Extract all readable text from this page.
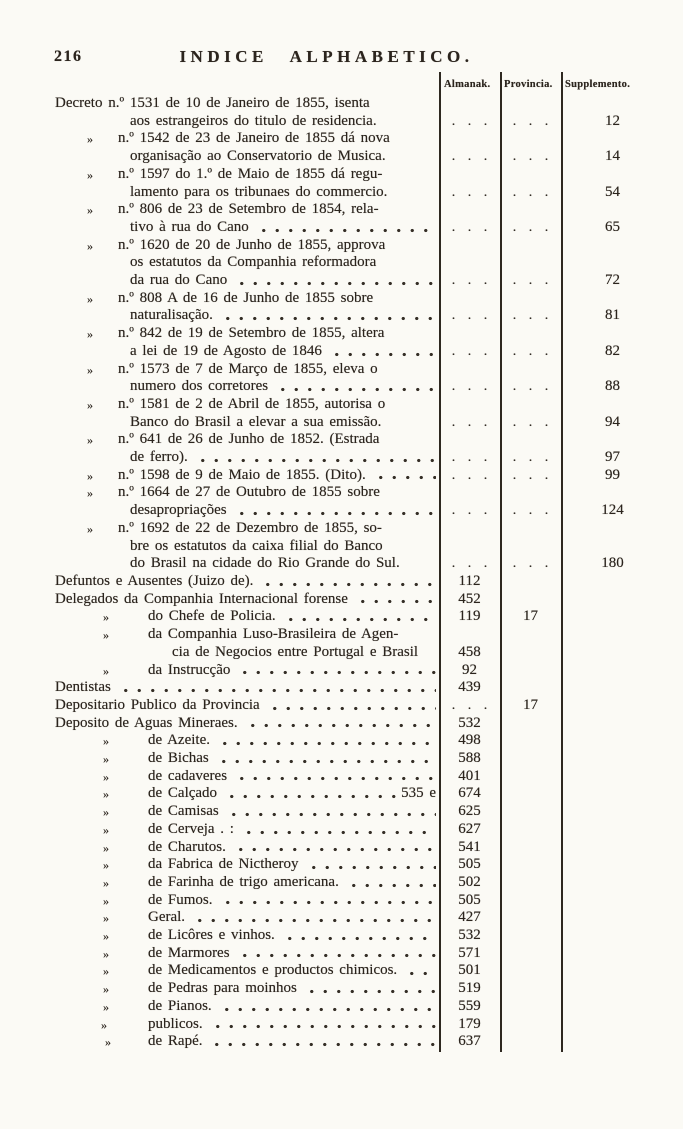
216	INDICE ALPHABETICO.
Almanak. Provincia. Supplemento.
Decreto n.º 1531 de 10 de Janeiro de 1855, isenta
aos estrangeiros do titulo de residencia.	. . .	. . .	12
» n.º 1542 de 23 de Janeiro de 1855 dá nova
organisação ao Conservatorio de Musica.	. . .	. . .	14
» n.º 1597 do 1.º de Maio de 1855 dá regu-
lamento para os tribunaes do commercio.	. . .	. . .	54
» n.º 806 de 23 de Setembro de 1854, rela-
tivo à rua do Cano	. . .	. . .	65
» n.º 1620 de 20 de Junho de 1855, approva
os estatutos da Companhia reformadora
da rua do Cano	. . .	. . .	72
» n.º 808 A de 16 de Junho de 1855 sobre
naturalisação.	. . .	. . .	81
» n.º 842 de 19 de Setembro de 1855, altera
a lei de 19 de Agosto de 1846	. . .	. . .	82
» n.º 1573 de 7 de Março de 1855, eleva o
numero dos corretores	. . .	. . .	88
» n.º 1581 de 2 de Abril de 1855, autorisa o
Banco do Brasil a elevar a sua emissão.	. . .	. . .	94
» n.º 641 de 26 de Junho de 1852. (Estrada
de ferro).	. . .	. . .	97
» n.º 1598 de 9 de Maio de 1855. (Dito).	. . .	. . .	99
» n.º 1664 de 27 de Outubro de 1855 sobre
desapropriações	. . .	. . .	124
» n.º 1692 de 22 de Dezembro de 1855, so-
bre os estatutos da caixa filial do Banco
do Brasil na cidade do Rio Grande do Sul.	. . .	. . .	180
Defuntos e Ausentes (Juizo de).	112
Delegados da Companhia Internacional forense	452
»	do Chefe de Policia.	119	17
»	da Companhia Luso-Brasileira de Agen-
cia de Negocios entre Portugal e Brasil	458
»	da Instrucção	92
Dentistas	439
Depositario Publico da Provincia	. . .	17
Deposito de Aguas Mineraes.	532
»	de Azeite.	498
»	de Bichas	588
»	de cadaveres	401
»	de Calçado	535 e	674
»	de Camisas	625
»	de Cerveja . :	627
»	de Charutos.	541
»	da Fabrica de Nictheroy	505
»	de Farinha de trigo americana.	502
»	de Fumos.	505
»	Geral.	427
»	de Licôres e vinhos.	532
»	de Marmores	571
»	de Medicamentos e productos chimicos.	501
»	de Pedras para moinhos	519
»	de Pianos.	559
»	publicos.	179
»	de Rapé.	637
